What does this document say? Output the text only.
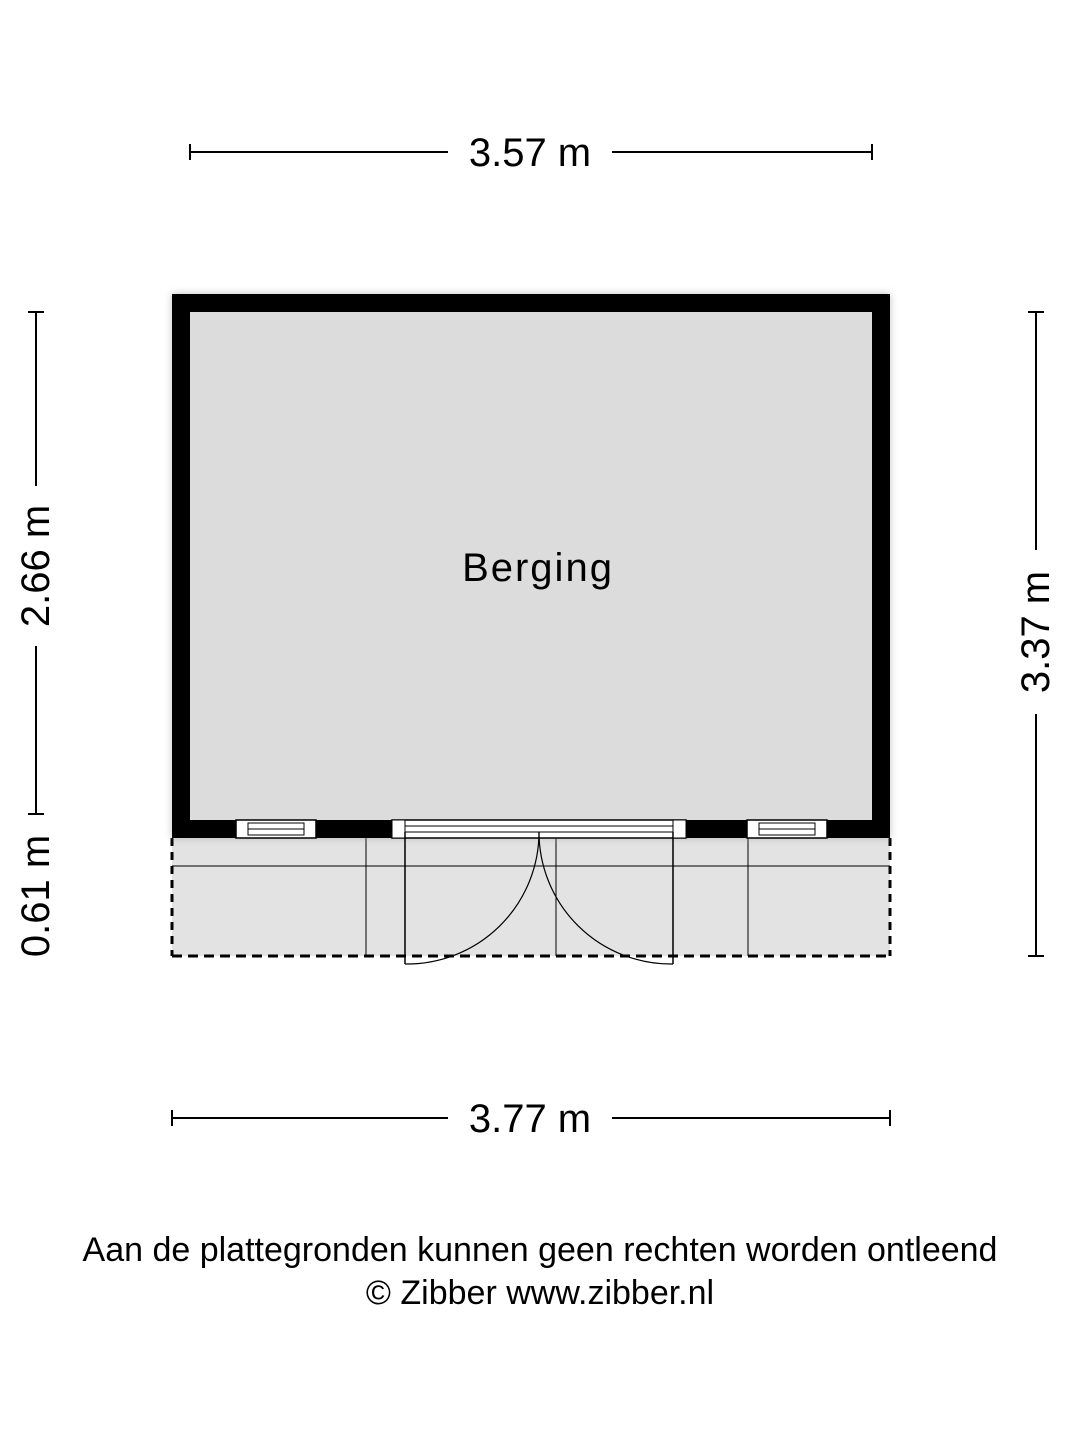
3.57 m
2.66 m
0.61 m
3.37 m
3.77 m
Berging
Aan de plattegronden kunnen geen rechten worden ontleend
© Zibber www.zibber.nl
